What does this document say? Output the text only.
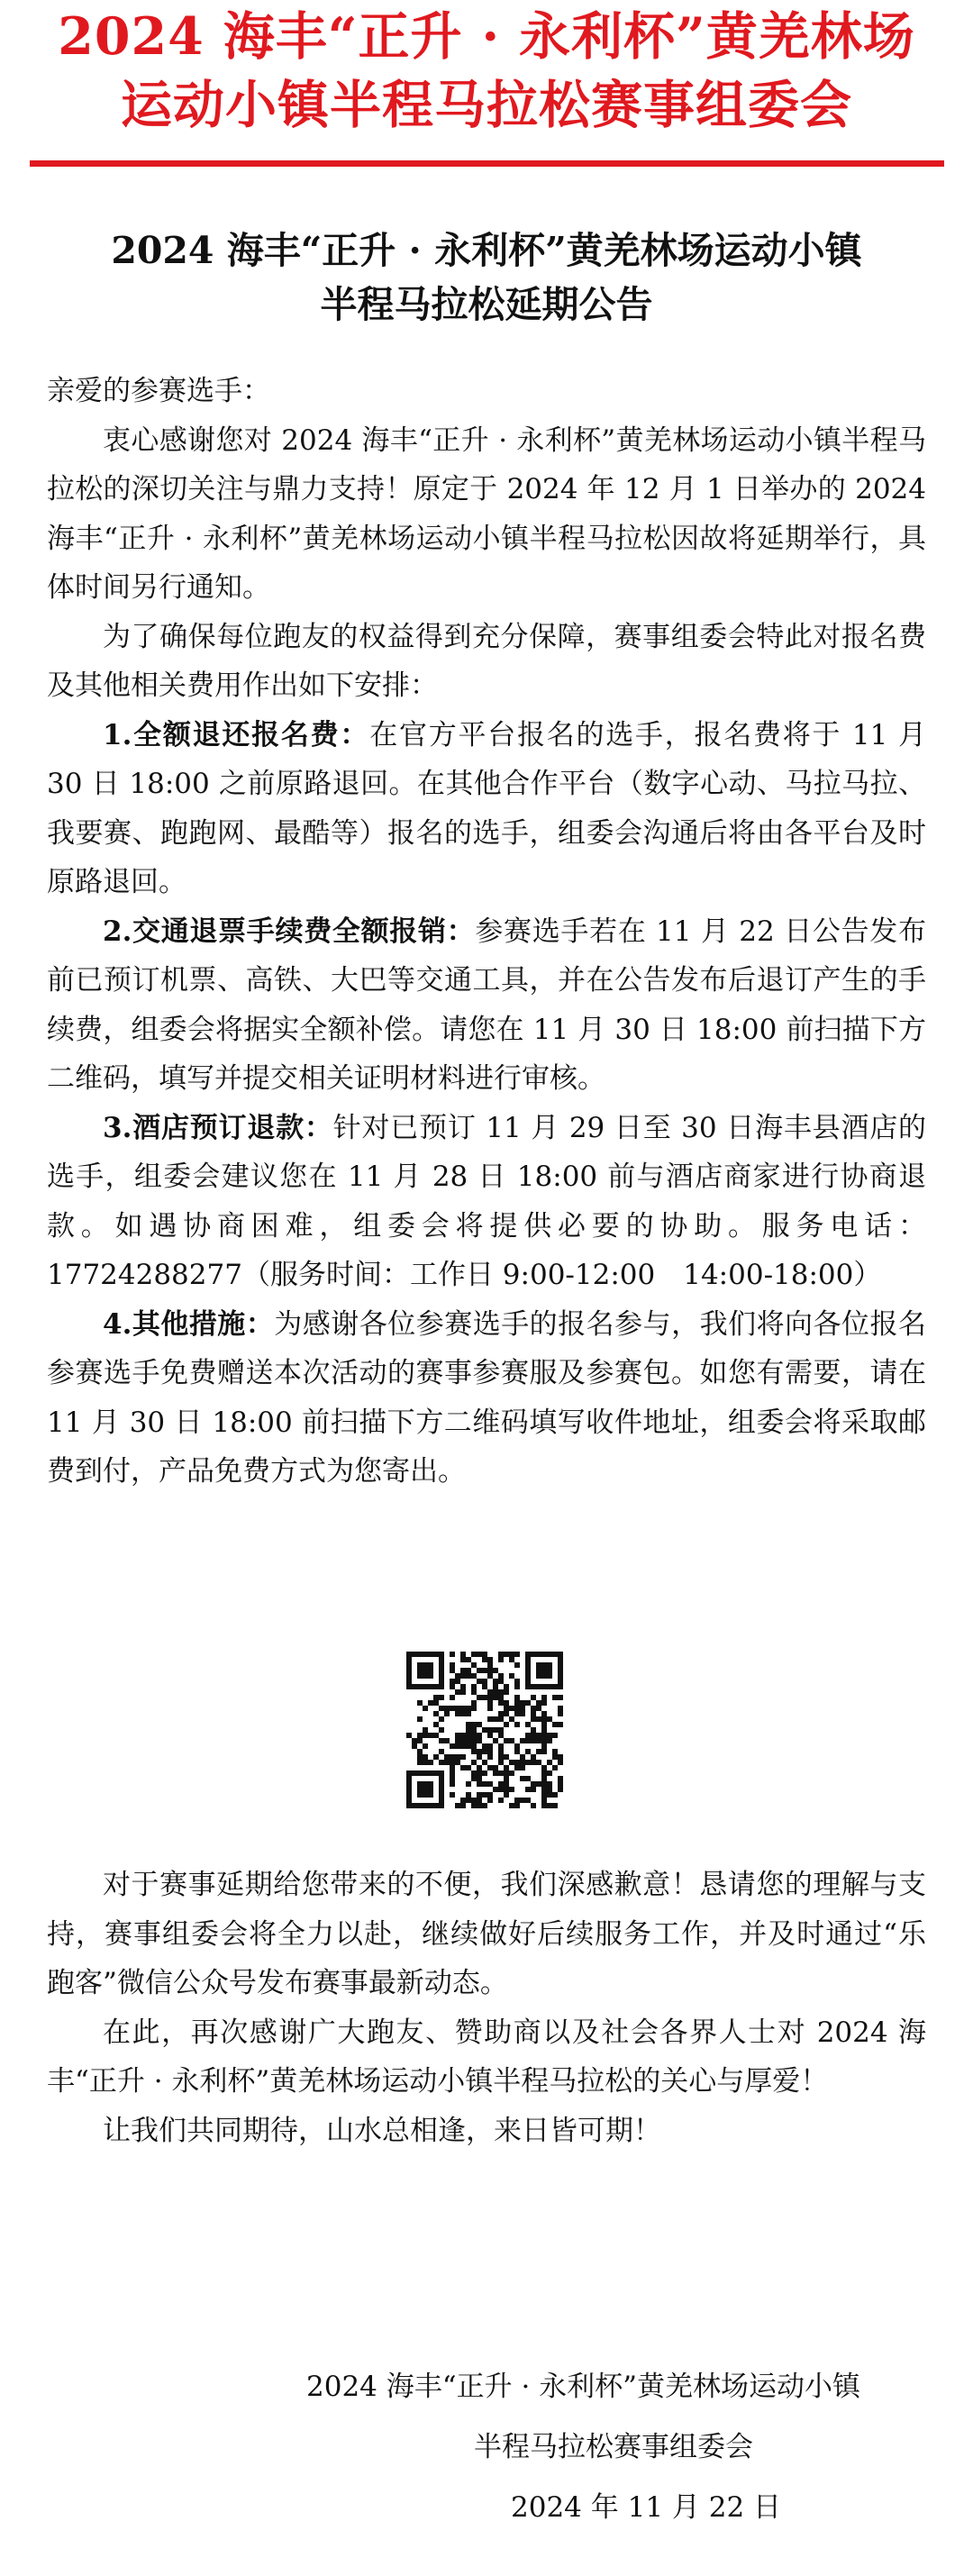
2024 海丰“正升 · 永利杯”黄羌林场
运动小镇半程马拉松赛事组委会
2024 海丰“正升 · 永利杯”黄羌林场运动小镇
半程马拉松延期公告

亲爱的参赛选手：

衷心感谢您对 2024 海丰“正升 · 永利杯”黄羌林场运动小镇半程马拉松的深切关注与鼎力支持！原定于 2024 年 12 月 1 日举办的 2024 海丰“正升 · 永利杯”黄羌林场运动小镇半程马拉松因故将延期举行，具体时间另行通知。

为了确保每位跑友的权益得到充分保障，赛事组委会特此对报名费及其他相关费用作出如下安排：

1.全额退还报名费：在官方平台报名的选手，报名费将于 11 月 30 日 18:00 之前原路退回。在其他合作平台（数字心动、马拉马拉、我要赛、跑跑网、最酷等）报名的选手，组委会沟通后将由各平台及时原路退回。

2.交通退票手续费全额报销：参赛选手若在 11 月 22 日公告发布前已预订机票、高铁、大巴等交通工具，并在公告发布后退订产生的手续费，组委会将据实全额补偿。请您在 11 月 30 日 18:00 前扫描下方二维码，填写并提交相关证明材料进行审核。

3.酒店预订退款：针对已预订 11 月 29 日至 30 日海丰县酒店的选手，组委会建议您在 11 月 28 日 18:00 前与酒店商家进行协商退款。如遇协商困难，组委会将提供必要的协助。服务电话：17724288277（服务时间：工作日 9:00-12:00　14:00-18:00）

4.其他措施：为感谢各位参赛选手的报名参与，我们将向各位报名参赛选手免费赠送本次活动的赛事参赛服及参赛包。如您有需要，请在 11 月 30 日 18:00 前扫描下方二维码填写收件地址，组委会将采取邮费到付，产品免费方式为您寄出。

对于赛事延期给您带来的不便，我们深感歉意！恳请您的理解与支持，赛事组委会将全力以赴，继续做好后续服务工作，并及时通过“乐跑客”微信公众号发布赛事最新动态。

在此，再次感谢广大跑友、赞助商以及社会各界人士对 2024 海丰“正升 · 永利杯”黄羌林场运动小镇半程马拉松的关心与厚爱！

让我们共同期待，山水总相逢，来日皆可期！

2024 海丰“正升 · 永利杯”黄羌林场运动小镇
半程马拉松赛事组委会
2024 年 11 月 22 日
